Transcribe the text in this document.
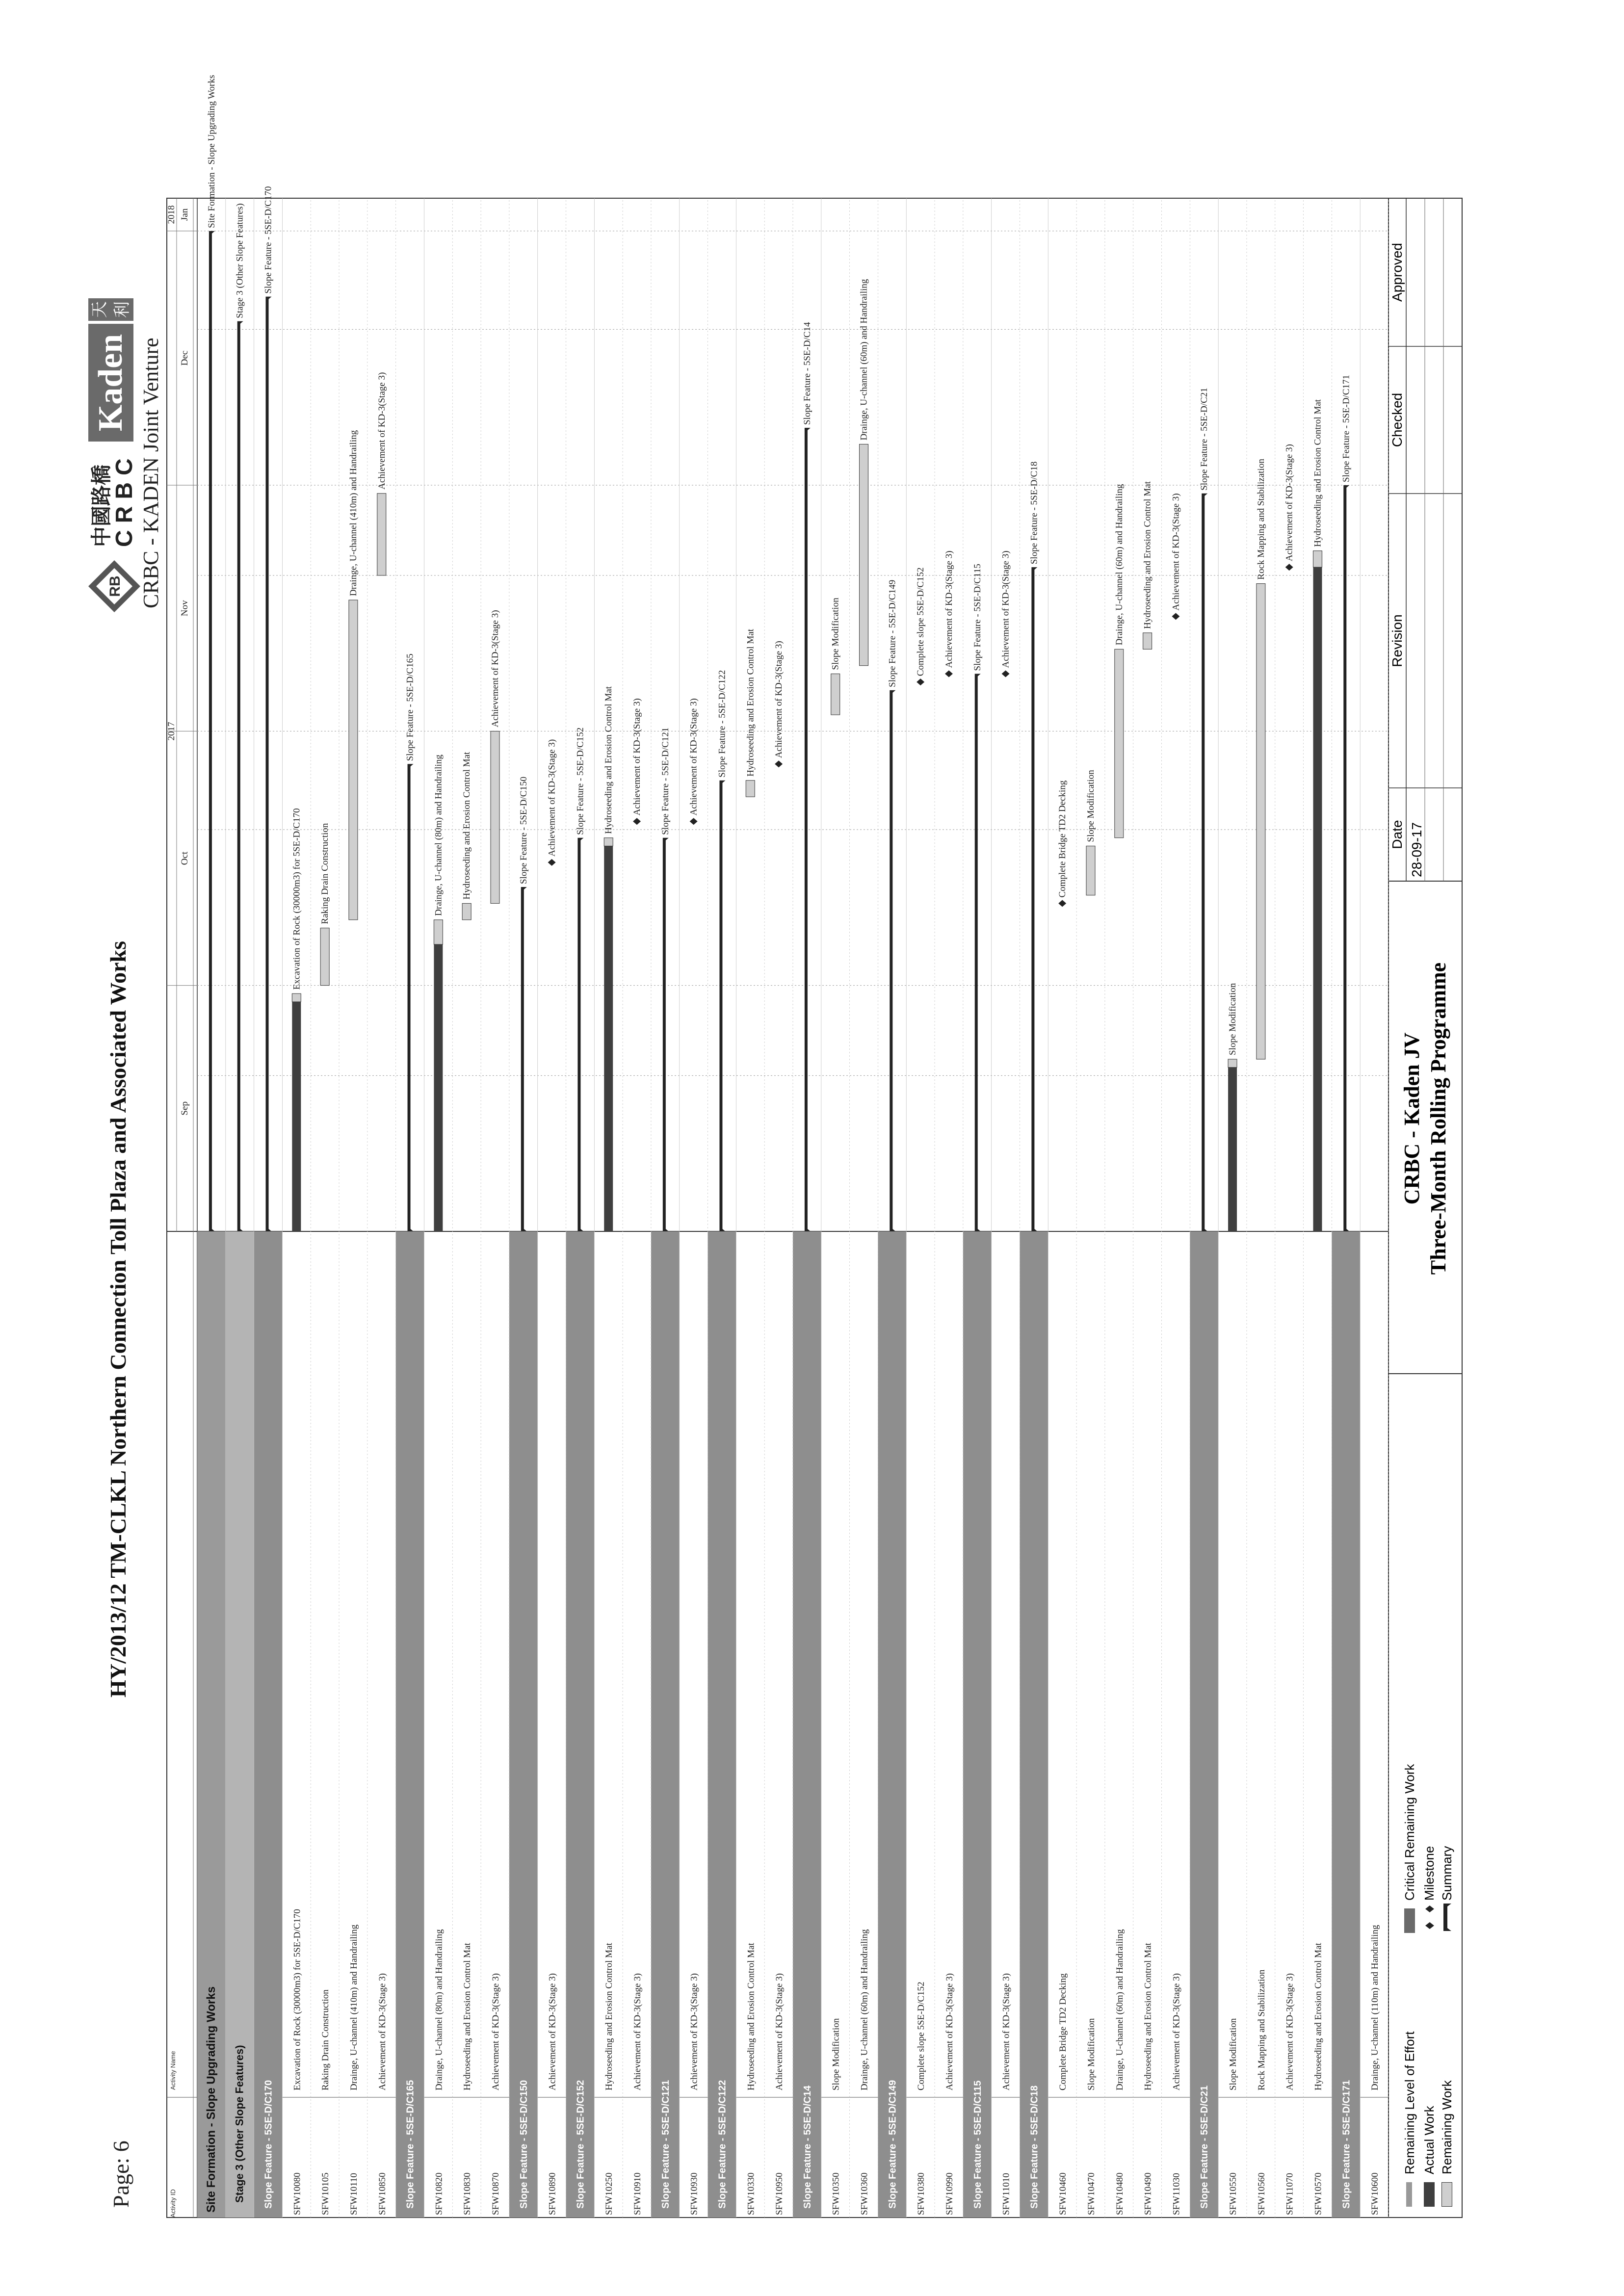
Page: 6
HY/2013/12 TM-CLKL Northern Connection Toll Plaza and Associated Works
RB
中國路橋
CRBC
Kaden
天利
CRBC - KADEN Joint Venture
2017
2018
Sep
Oct
Nov
Dec
Jan Site Formation - Slope Upgrading Works
Stage 3 (Other Slope Features) Slope Feature - 5SE-D/C170
Excavation of Rock (30000m3) for 5SE-D/C170 Raking Drain Construction
Drainge, U-channel (410m) and Handrailing Achievement of KD-3(Stage 3)
Slope Feature - 5SE-D/C165
Drainge, U-channel (80m) and Handrailing Hydroseeding and Erosion Control Mat
Achievement of KD-3(Stage 3)
Slope Feature - 5SE-D/C150 Achievement of KD-3(Stage 3) Slope Feature - 5SE-D/C152 Hydroseeding and Erosion Control Mat Achievement of KD-3(Stage 3) Slope Feature - 5SE-D/C121 Achievement of KD-3(Stage 3) Slope Feature - 5SE-D/C122 Hydroseeding and Erosion Control Mat Achievement of KD-3(Stage 3)
Slope Feature - 5SE-D/C14
Slope Modification
Drainge, U-channel (60m) and Handrailing
Slope Feature - 5SE-D/C149 Complete slope 5SE-D/C152 Achievement of KD-3(Stage 3) Slope Feature - 5SE-D/C115 Achievement of KD-3(Stage 3)
Slope Feature - 5SE-D/C18
Complete Bridge TD2 Decking Slope Modification
Drainge, U-channel (60m) and Handrailing Hydroseeding and Erosion Control Mat Achievement of KD-3(Stage 3)
Slope Feature - 5SE-D/C21
Slope Modification
Rock Mapping and Stabilization Achievement of KD-3(Stage 3) Hydroseeding and Erosion Control Mat Slope Feature - 5SE-D/C171
Site Formation - Slope Upgrading Works Stage 3 (Other Slope Features) Slope Feature - 5SE-D/C170 SFW10080
Excavation of Rock (30000m3) for 5SE-D/C170
SFW10105
Raking Drain Construction
SFW10110
Drainge, U-channel (410m) and Handrailing
SFW10850
Achievement of KD-3(Stage 3)
Slope Feature - 5SE-D/C165 SFW10820
Drainge, U-channel (80m) and Handrailing
SFW10830
Hydroseeding and Erosion Control Mat
SFW10870
Achievement of KD-3(Stage 3)
Slope Feature - 5SE-D/C150 SFW10890
Achievement of KD-3(Stage 3)
Slope Feature - 5SE-D/C152 SFW10250
Hydroseeding and Erosion Control Mat
SFW10910
Achievement of KD-3(Stage 3)
Slope Feature - 5SE-D/C121 SFW10930
Achievement of KD-3(Stage 3)
Slope Feature - 5SE-D/C122 SFW10330
Hydroseeding and Erosion Control Mat
SFW10950
Achievement of KD-3(Stage 3)
Slope Feature - 5SE-D/C14 SFW10350
Slope Modification
SFW10360
Drainge, U-channel (60m) and Handrailing
Slope Feature - 5SE-D/C149 SFW10380
Complete slope 5SE-D/C152
SFW10990
Achievement of KD-3(Stage 3)
Slope Feature - 5SE-D/C115 SFW11010
Achievement of KD-3(Stage 3)
Slope Feature - 5SE-D/C18 SFW10460
Complete Bridge TD2 Decking
SFW10470
Slope Modification
SFW10480
Drainge, U-channel (60m) and Handrailing
SFW10490
Hydroseeding and Erosion Control Mat
SFW11030
Achievement of KD-3(Stage 3)
Slope Feature - 5SE-D/C21 SFW10550
Slope Modification
SFW10560
Rock Mapping and Stabilization
SFW11070
Achievement of KD-3(Stage 3)
SFW10570
Hydroseeding and Erosion Control Mat
Slope Feature - 5SE-D/C171 SFW10600
Drainge, U-channel (110m) and Handrailing
Activity ID
Activity Name	Remaining Level of Effort Actual Work Remaining Work
Critical Remaining Work Milestone Summary
CRBC - Kaden JV Three-Month Rolling Programme
Date
Revision
Checked
Approved
28-09-17
